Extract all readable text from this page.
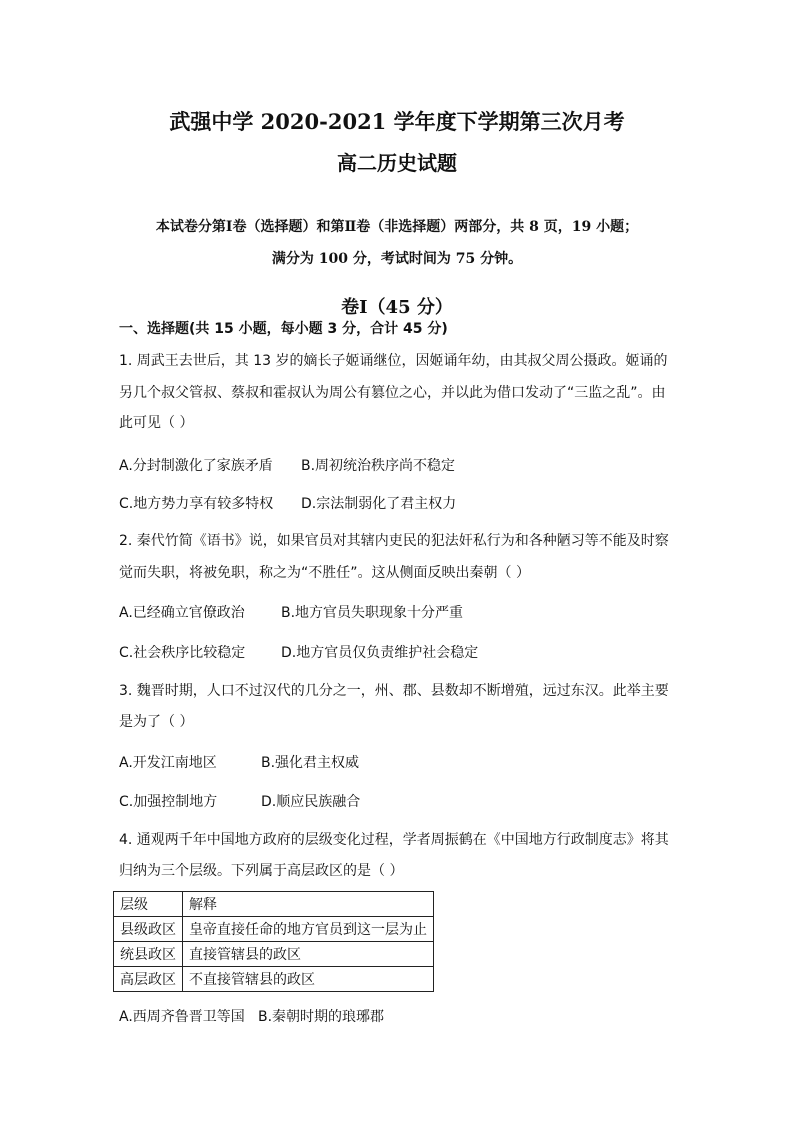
武强中学 2020-2021 学年度下学期第三次月考
高二历史试题
本试卷分第Ⅰ卷（选择题）和第Ⅱ卷（非选择题）两部分，共 8 页，19 小题；
满分为 100 分，考试时间为 75 分钟。
卷Ⅰ（45 分）
一、选择题(共 15 小题，每小题 3 分，合计 45 分)
1. 周武王去世后，其 13 岁的嫡长子姬诵继位，因姬诵年幼，由其叔父周公摄政。姬诵的
另几个叔父管叔、蔡叔和霍叔认为周公有篡位之心，并以此为借口发动了“三监之乱”。由
此可见（ ）
A.分封制激化了家族矛盾 B.周初统治秩序尚不稳定
C.地方势力享有较多特权 D.宗法制弱化了君主权力
2. 秦代竹简《语书》说，如果官员对其辖内吏民的犯法奸私行为和各种陋习等不能及时察
觉而失职，将被免职，称之为“不胜任”。这从侧面反映出秦朝（ ）
A.已经确立官僚政治	B.地方官员失职现象十分严重
C.社会秩序比较稳定	D.地方官员仅负责维护社会稳定
3. 魏晋时期，人口不过汉代的几分之一，州、郡、县数却不断增殖，远过东汉。此举主要
是为了（ ）
A.开发江南地区	B.强化君主权威
C.加强控制地方	D.顺应民族融合
4. 通观两千年中国地方政府的层级变化过程，学者周振鹤在《中国地方行政制度志》将其
归纳为三个层级。下列属于高层政区的是（ ）
层级	解释
县级政区	皇帝直接任命的地方官员到这一层为止
统县政区	直接管辖县的政区
高层政区	不直接管辖县的政区
A.西周齐鲁晋卫等国 B.秦朝时期的琅琊郡
